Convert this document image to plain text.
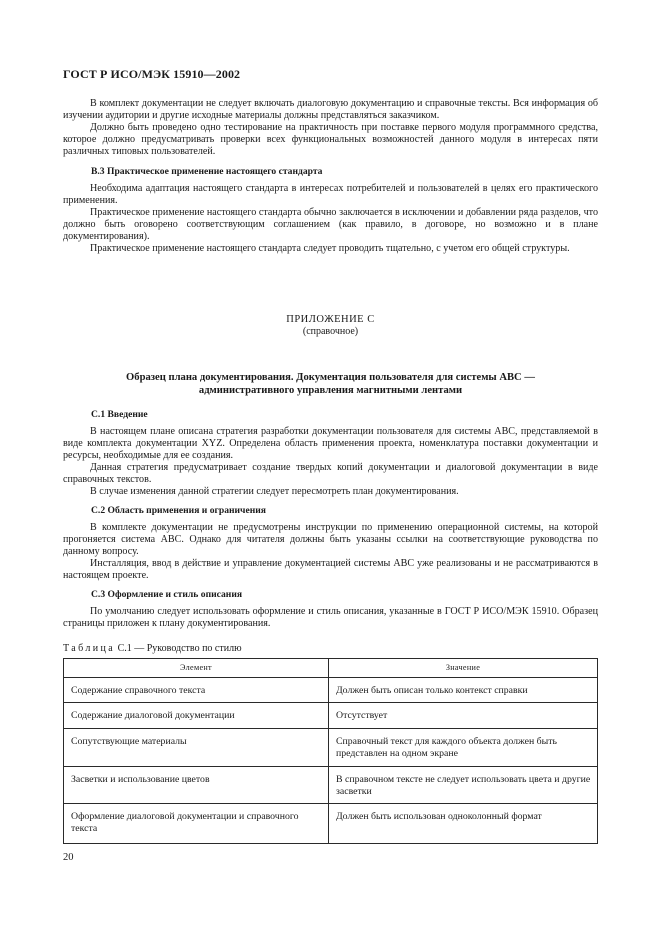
ГОСТ Р ИСО/МЭК 15910—2002

В комплект документации не следует включать диалоговую документацию и справочные тексты. Вся информация об изучении аудитории и другие исходные материалы должны представляться заказчиком.

Должно быть проведено одно тестирование на практичность при поставке первого модуля программного средства, которое должно предусматривать проверки всех функциональных возможностей данного модуля в интересах пяти различных типовых пользователей.

В.3 Практическое применение настоящего стандарта

Необходима адаптация настоящего стандарта в интересах потребителей и пользователей в целях его практического применения.

Практическое применение настоящего стандарта обычно заключается в исключении и добавлении ряда разделов, что должно быть оговорено соответствующим соглашением (как правило, в договоре, но возможно и в плане документирования).

Практическое применение настоящего стандарта следует проводить тщательно, с учетом его общей структуры.

ПРИЛОЖЕНИЕ С
(справочное)
Образец плана документирования. Документация пользователя для системы АВС —
административного управления магнитными лентами
С.1 Введение

В настоящем плане описана стратегия разработки документации пользователя для системы АВС, представляемой в виде комплекта документации XYZ. Определена область применения проекта, номенклатура поставки документации и ресурсы, необходимые для ее создания.

Данная стратегия предусматривает создание твердых копий документации и диалоговой документации в виде справочных текстов.

В случае изменения данной стратегии следует пересмотреть план документирования.

С.2 Область применения и ограничения

В комплекте документации не предусмотрены инструкции по применению операционной системы, на которой прогоняется система АВС. Однако для читателя должны быть указаны ссылки на соответствующие руководства по данному вопросу.

Инсталляция, ввод в действие и управление документацией системы АВС уже реализованы и не рассматриваются в настоящем проекте.

С.3 Оформление и стиль описания

По умолчанию следует использовать оформление и стиль описания, указанные в ГОСТ Р ИСО/МЭК 15910. Образец страницы приложен к плану документирования.

Таблица С.1 — Руководство по стилю
Элемент	Значение

Содержание справочного текста	Должен быть описан только контекст справки

Содержание диалоговой документации	Отсутствует

Сопутствующие материалы	Справочный текст для каждого объекта должен быть представлен на одном экране

Засветки и использование цветов	В справочном тексте не следует использовать цвета и другие засветки

Оформление диалоговой документации и справочного текста	Должен быть использован одноколонный формат
20
